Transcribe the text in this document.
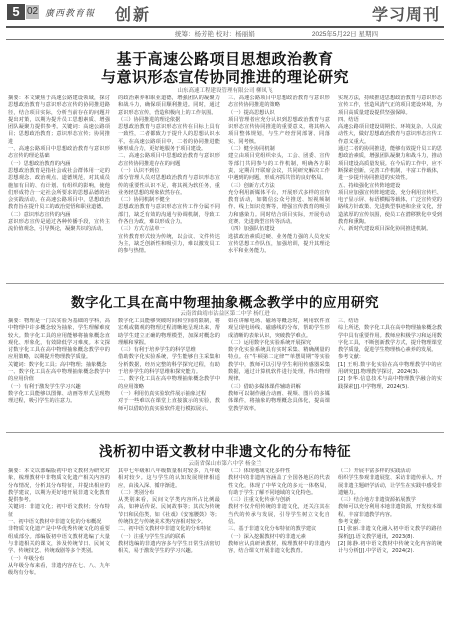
5 02 廣西教育報 创新	学习周刊
统筹：杨芳艳 校对：杨丽娟	2025年5月22日 星期四
基于高速公路项目思想政治教育
与意识形态宣传协同推进的理论研究
山东高速工程建设管理有限公司 柳凤飞
摘要：本文聚焦于高速公路建设领域，探讨思想政治教育与意识形态宣传的协同推进路径，结合项目实际，分析当前存在的问题并提出对策，以期为提升员工思想素质、增强团队凝聚力提供参考。关键词：高速公路项目；思想政治教育；意识形态宣传；协同推进
一、高速公路项目中思想政治教育与意识形态宣传的理论基础
（一）思想政治教育的内涵
思想政治教育是指社会或社会群体用一定的思想观念、政治观点、道德规范，对其成员施加有目的、有计划、有组织的影响，使他们形成符合一定社会所要求的思想品德的社会实践活动。在高速公路项目中，思想政治教育旨在提升员工的政治觉悟和职业道德。
（二）意识形态宣传的内涵
意识形态宣传是通过各种传播手段，宣传主流价值观念，引导舆论，凝聚共识的活动。
的政治素养和职业道德，增强团队的凝聚力和战斗力，确保项目顺利推进。同时，通过意识形态宣传，营造积极向上的工作氛围。
（三）协同推进的理论依据
思想政治教育与意识形态宣传在目标上具有一致性，二者都致力于提升人的思想认识水平。在高速公路项目中，二者的协同推进能够形成合力，更好地服务于项目建设。
二、高速公路项目中思想政治教育与意识形态宣传协同推进存在的问题
（一）认识不到位
部分管理人员对思想政治教育与意识形态宣传的重要性认识不足，将其视为软任务，重业务轻思想的现象依然存在。
（二）协同机制不健全
思想政治教育与意识形态宣传工作分属不同部门，缺乏有效的沟通与协调机制，导致工作各自为政，难以形成合力。
（三）方式方法单一
宣传教育形式较为传统，以会议、文件传达为主，缺乏创新性和吸引力，难以激发员工的参与热情。
三、高速公路项目中思想政治教育与意识形态宣传协同推进的策略
（一）提高思想认识
项目管理者应充分认识到思想政治教育与意识形态宣传协同推进的重要意义，将其纳入项目整体规划，与生产经营同部署、同落实、同考核。
（二）健全协同机制
建立由项目党组织牵头，工会、团委、宣传等部门共同参与的工作机制，明确各方职责，定期召开联席会议，共同研究解决工作中遇到的问题，形成齐抓共管的良好格局。
（三）创新方式方法
充分利用新媒体平台，开展形式多样的宣传教育活动，如微信公众号推送、短视频制作、线上知识竞赛等，增强宣传教育的吸引力和感染力。同时结合项目实际，开展劳动竞赛、先进典型宣传等活动。
（四）加强队伍建设
选拔政治素质过硬、业务能力强的人员充实宣传思想工作队伍，加强培训，提升其理论水平和业务能力。
实现方法，持续推进思想政治教育与意识形态宣传工作，营造风清气正的项目建设环境，为项目高质量建设提供坚强保障。
四、结语
高速公路项目建设周期长、环境复杂，人员流动性大，做好思想政治教育与意识形态宣传工作意义重大。
通过二者的协同推进，能够有效提升员工的思想政治素质，增强团队凝聚力和战斗力，推动项目建设高质量发展。在今后的工作中，应不断探索创新，完善工作机制，丰富工作载体，进一步提升协同推进的实效性。
五、持续强化宣传阵地建设
项目应加强宣传阵地建设，充分利用宣传栏、电子显示屏、标语横幅等载体，广泛宣传党的路线方针政策、先进典型事迹和企业文化，营造浓厚的宣传氛围，使员工在潜移默化中受到教育和熏陶。
六、新时代建设项目深化协同推进机制。
数字化工具在高中物理抽象概念教学中的应用研究
云南省曲靖市沾益区第二中学 杨红进
摘要：物理是一门以实验为基础的学科，高中物理中许多概念较为抽象，学生理解难度较大。数字化工具的应用能够将抽象概念直观化、形象化，有效降低学习难度。本文探讨数字化工具在高中物理抽象概念教学中的应用策略，以期提升物理教学质量。
关键词：数字化工具；高中物理；抽象概念
一、数字化工具在高中物理抽象概念教学中的应用价值
（一）有利于激发学生学习兴趣
数字化工具能够以图像、动画等形式呈现物理过程，吸引学生的注意力。
数字化工具能够突破时间和空间的限制，将宏观或微观的物理过程清晰地呈现出来，帮助学生建立正确的物理模型，加深对概念的理解和掌握。
（三）有利于培养学生的科学思维
借助数字化实验系统，学生能够自主采集和分析数据，经历完整的科学探究过程，有助于培养学生的科学思维和探究能力。
二、数字化工具在高中物理抽象概念教学中的应用策略
（一）利用仿真实验软件展示抽象过程
对于一些难以在课堂上直接演示的实验，教师可以借助仿真实验软件进行模拟展示。
如在讲解电场、磁场等概念时，利用软件直观呈现电场线、磁感线的分布，帮助学生形成清晰的表象认识，突破教学难点。
（二）运用数字化实验系统开展探究
数字化实验系统具有实时采集、精确测量的特点。在“牛顿第二定律”“单摆周期”等实验教学中，教师可以引导学生利用传感器采集数据，通过计算机软件进行处理，得出物理规律。
（三）借助多媒体课件辅助讲解
教师可以制作融合动画、视频、图片的多媒体课件，将抽象的物理概念具体化，提高课堂教学效率。
三、结语
综上所述，数字化工具在高中物理抽象概念教学中具有重要作用。教师应积极学习和运用数字化工具，不断创新教学方式，提升物理课堂教学质量，促进学生物理核心素养的发展。
参考文献：
[1] 王明.数字化实验在高中物理教学中的应用研究[J].物理教学探讨，2024(3).
[2] 李华.信息技术与高中物理教学融合的实践探索[J].中学物理，2024(5).
浅析初中语文教材中非遗文化的分布特征
云南省保山市第六中学 杨金兰
摘要：本文以部编版初中语文教材为研究对象，梳理教材中非物质文化遗产相关内容的分布情况，分析其分布特征，并提出相应的教学建议，以期为更好地开展非遗文化教育提供参考。
关键词：非遗文化；初中语文教材；分布特征
一、初中语文教材中非遗文化的分布概况
非物质文化遗产是中华优秀传统文化的重要组成部分。部编版初中语文教材选编了大量与非遗相关的课文，涉及传统节日、民间文学、传统技艺、传统戏剧等多个类别。
（一）年级分布
从年级分布来看，非遗内容在七、八、九年级均有分布。
其中七年级和八年级数量相对较多，九年级相对较少。这与学生的认知发展规律相适应，由浅入深、循序渐进。
（二）类别分布
从类别来看，民间文学类内容所占比例最高，如神话传说、民间故事等；其次为传统节日和民俗类，如《社戏》《安塞腰鼓》等；传统技艺与传统美术类内容相对较少。
二、初中语文教材中非遗文化的分布特征
（一）注重与学生生活的联系
教材选编的非遗内容多与学生日常生活密切相关，易于激发学生的学习兴趣。
（二）体现地域文化多样性
教材中的非遗内容涵盖了全国各地区的代表性文化，体现了中华文化的多元一体格局，有助于学生了解不同地域的文化特色。
（三）注重文化传承与创新
教材不仅介绍传统的非遗文化，还关注其在当代的传承与发展，引导学生树立文化自信。
三、基于非遗文化分布特征的教学建议
（一）深入挖掘教材中的非遗元素
教师应认真研读教材，梳理教材中的非遗内容，结合课文开展非遗文化教育。
（二）开展丰富多样的实践活动
组织学生参观非遗展览、采访非遗传承人、开展非遗主题研学活动，让学生在实践中感受非遗魅力。
（三）结合地方非遗资源拓展教学
教师可以充分利用本地非遗资源，开发校本课程，丰富非遗教学内容。
参考文献：
[1] 张丽.非遗文化融入初中语文教学的路径探析[J].语文教学通讯，2023(8).
[2] 陈静.初中语文教材中传统文化内容的统计与分析[J].中学语文，2024(2).
